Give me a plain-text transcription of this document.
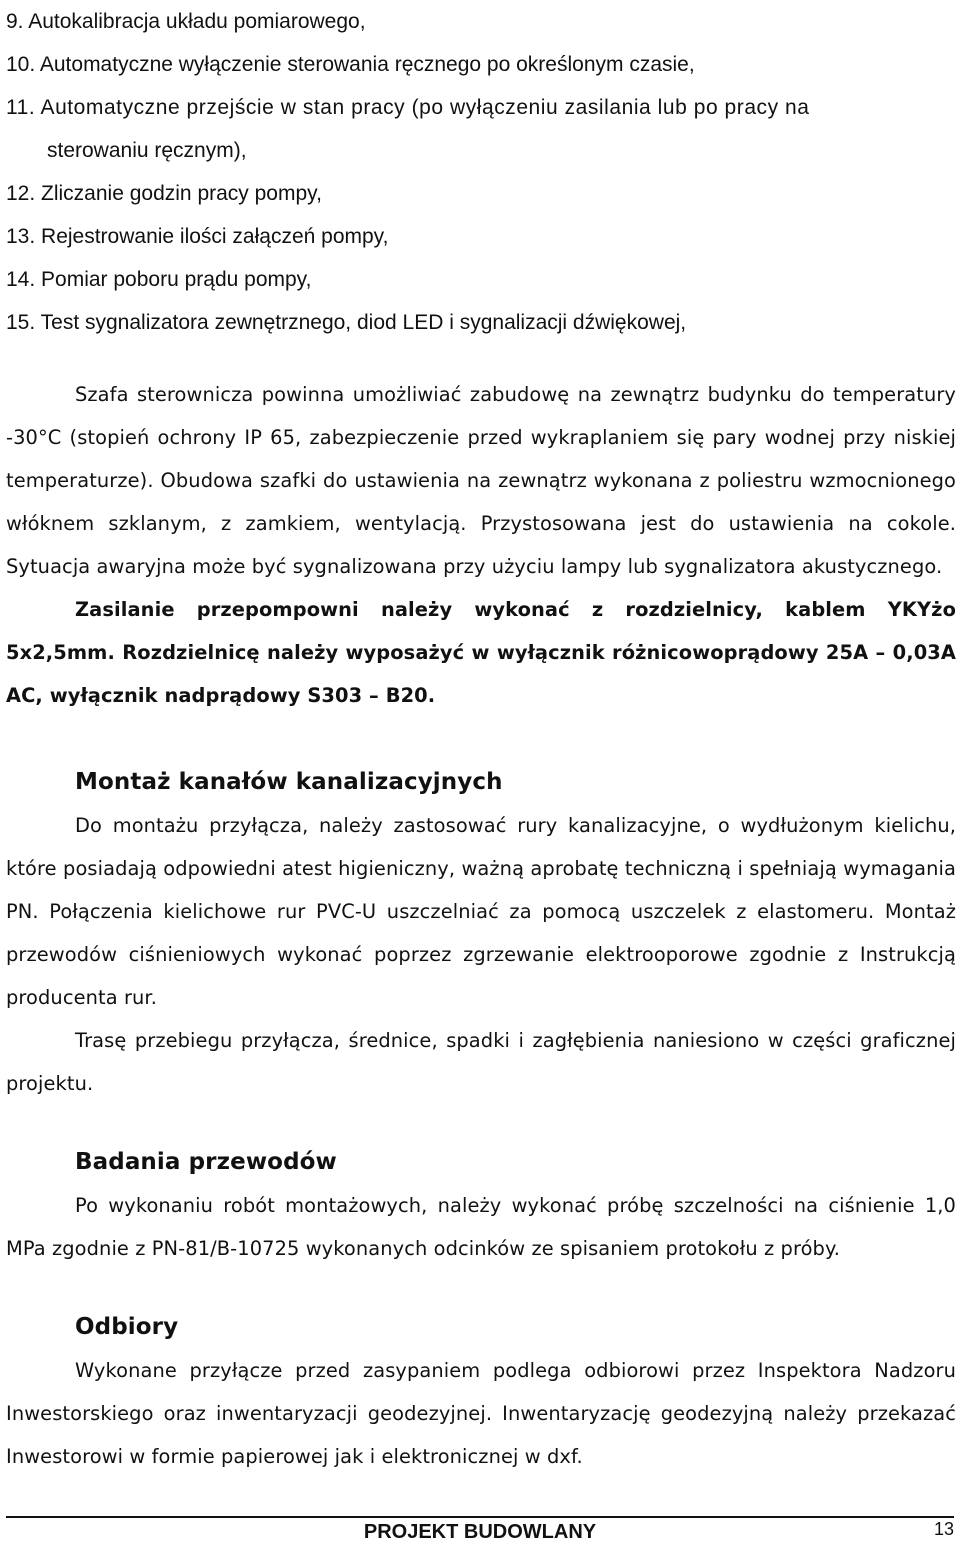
9. Autokalibracja układu pomiarowego,
10. Automatyczne wyłączenie sterowania ręcznego po określonym czasie,
11. Automatyczne przejście w stan pracy (po wyłączeniu zasilania lub po pracy na
sterowaniu ręcznym),
12. Zliczanie godzin pracy pompy,
13. Rejestrowanie ilości załączeń pompy,
14. Pomiar poboru prądu pompy,
15. Test sygnalizatora zewnętrznego, diod LED i sygnalizacji dźwiękowej,

Szafa sterownicza powinna umożliwiać zabudowę na zewnątrz budynku do temperatury -30°C (stopień ochrony IP 65, zabezpieczenie przed wykraplaniem się pary wodnej przy niskiej temperaturze). Obudowa szafki do ustawienia na zewnątrz wykonana z poliestru wzmocnionego włóknem szklanym, z zamkiem, wentylacją. Przystosowana jest do ustawienia na cokole. Sytuacja awaryjna może być sygnalizowana przy użyciu lampy lub sygnalizatora akustycznego.

Zasilanie przepompowni należy wykonać z rozdzielnicy, kablem YKYżo 5x2,5mm. Rozdzielnicę należy wyposażyć w wyłącznik różnicowoprądowy 25A – 0,03A AC, wyłącznik nadprądowy S303 – B20.

Montaż kanałów kanalizacyjnych

Do montażu przyłącza, należy zastosować rury kanalizacyjne, o wydłużonym kielichu, które posiadają odpowiedni atest higieniczny, ważną aprobatę techniczną i spełniają wymagania PN. Połączenia kielichowe rur PVC-U uszczelniać za pomocą uszczelek z elastomeru. Montaż przewodów ciśnieniowych wykonać poprzez zgrzewanie elektrooporowe zgodnie z Instrukcją producenta rur.

Trasę przebiegu przyłącza, średnice, spadki i zagłębienia naniesiono w części graficznej projektu.

Badania przewodów

Po wykonaniu robót montażowych, należy wykonać próbę szczelności na ciśnienie 1,0 MPa zgodnie z PN-81/B-10725 wykonanych odcinków ze spisaniem protokołu z próby.

Odbiory

Wykonane przyłącze przed zasypaniem podlega odbiorowi przez Inspektora Nadzoru Inwestorskiego oraz inwentaryzacji geodezyjnej. Inwentaryzację geodezyjną należy przekazać Inwestorowi w formie papierowej jak i elektronicznej w dxf.

PROJEKT BUDOWLANY	13
